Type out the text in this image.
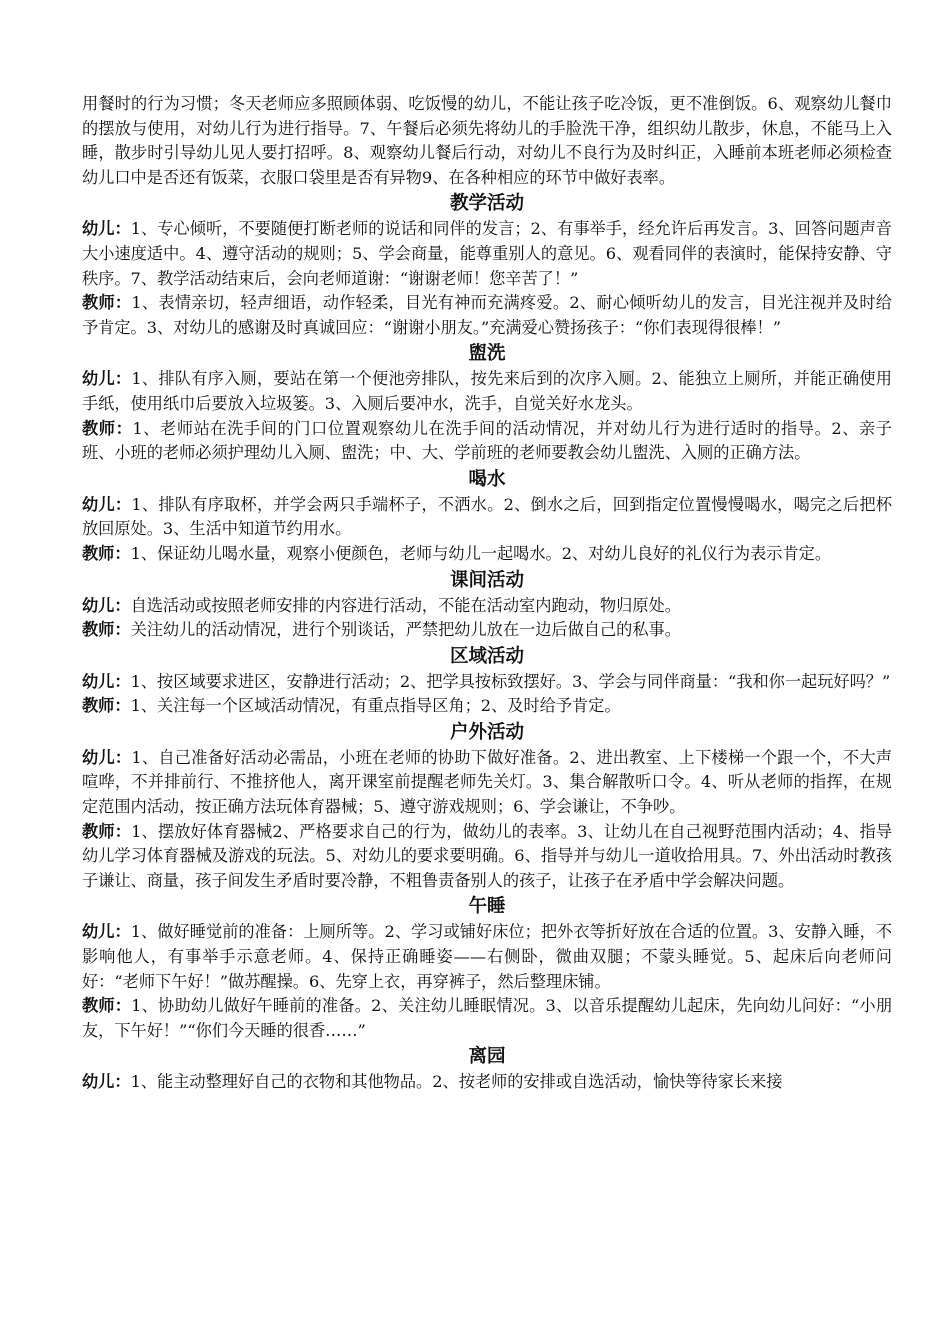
用餐时的行为习惯；冬天老师应多照顾体弱、吃饭慢的幼儿，不能让孩子吃冷饭，更不准倒饭。6、观察幼儿餐巾的摆放与使用，对幼儿行为进行指导。7、午餐后必须先将幼儿的手脸洗干净，组织幼儿散步，休息，不能马上入睡，散步时引导幼儿见人要打招呼。8、观察幼儿餐后行动，对幼儿不良行为及时纠正，入睡前本班老师必须检查幼儿口中是否还有饭菜，衣服口袋里是否有异物9、在各种相应的环节中做好表率。

教学活动

幼儿：1、专心倾听，不要随便打断老师的说话和同伴的发言；2、有事举手，经允许后再发言。3、回答问题声音大小速度适中。4、遵守活动的规则；5、学会商量，能尊重别人的意见。6、观看同伴的表演时，能保持安静、守秩序。7、教学活动结束后，会向老师道谢：“谢谢老师！您辛苦了！”

教师：1、表情亲切，轻声细语，动作轻柔，目光有神而充满疼爱。2、耐心倾听幼儿的发言，目光注视并及时给予肯定。3、对幼儿的感谢及时真诚回应：“谢谢小朋友。”充满爱心赞扬孩子：“你们表现得很棒！”

盥洗

幼儿：1、排队有序入厕，要站在第一个便池旁排队，按先来后到的次序入厕。2、能独立上厕所，并能正确使用手纸，使用纸巾后要放入垃圾篓。3、入厕后要冲水，洗手，自觉关好水龙头。

教师：1、老师站在洗手间的门口位置观察幼儿在洗手间的活动情况，并对幼儿行为进行适时的指导。2、亲子班、小班的老师必须护理幼儿入厕、盥洗；中、大、学前班的老师要教会幼儿盥洗、入厕的正确方法。

喝水

幼儿：1、排队有序取杯，并学会两只手端杯子，不洒水。2、倒水之后，回到指定位置慢慢喝水，喝完之后把杯放回原处。3、生活中知道节约用水。

教师：1、保证幼儿喝水量，观察小便颜色，老师与幼儿一起喝水。2、对幼儿良好的礼仪行为表示肯定。

课间活动

幼儿：自选活动或按照老师安排的内容进行活动，不能在活动室内跑动，物归原处。

教师：关注幼儿的活动情况，进行个别谈话，严禁把幼儿放在一边后做自己的私事。

区域活动

幼儿：1、按区域要求进区，安静进行活动；2、把学具按标致摆好。3、学会与同伴商量：“我和你一起玩好吗？”

教师：1、关注每一个区域活动情况，有重点指导区角；2、及时给予肯定。

户外活动

幼儿：1、自己准备好活动必需品，小班在老师的协助下做好准备。2、进出教室、上下楼梯一个跟一个，不大声喧哗，不并排前行、不推挤他人，离开课室前提醒老师先关灯。3、集合解散听口令。4、听从老师的指挥，在规定范围内活动，按正确方法玩体育器械；5、遵守游戏规则；6、学会谦让，不争吵。

教师：1、摆放好体育器械2、严格要求自己的行为，做幼儿的表率。3、让幼儿在自己视野范围内活动；4、指导幼儿学习体育器械及游戏的玩法。5、对幼儿的要求要明确。6、指导并与幼儿一道收拾用具。7、外出活动时教孩子谦让、商量，孩子间发生矛盾时要冷静，不粗鲁责备别人的孩子，让孩子在矛盾中学会解决问题。

午睡

幼儿：1、做好睡觉前的准备：上厕所等。2、学习或铺好床位；把外衣等折好放在合适的位置。3、安静入睡，不影响他人，有事举手示意老师。4、保持正确睡姿——右侧卧，微曲双腿；不蒙头睡觉。5、起床后向老师问好：“老师下午好！”做苏醒操。6、先穿上衣，再穿裤子，然后整理床铺。

教师：1、协助幼儿做好午睡前的准备。2、关注幼儿睡眠情况。3、以音乐提醒幼儿起床，先向幼儿问好：“小朋友，下午好！”“你们今天睡的很香……”

离园

幼儿：1、能主动整理好自己的衣物和其他物品。2、按老师的安排或自选活动，愉快等待家长来接
